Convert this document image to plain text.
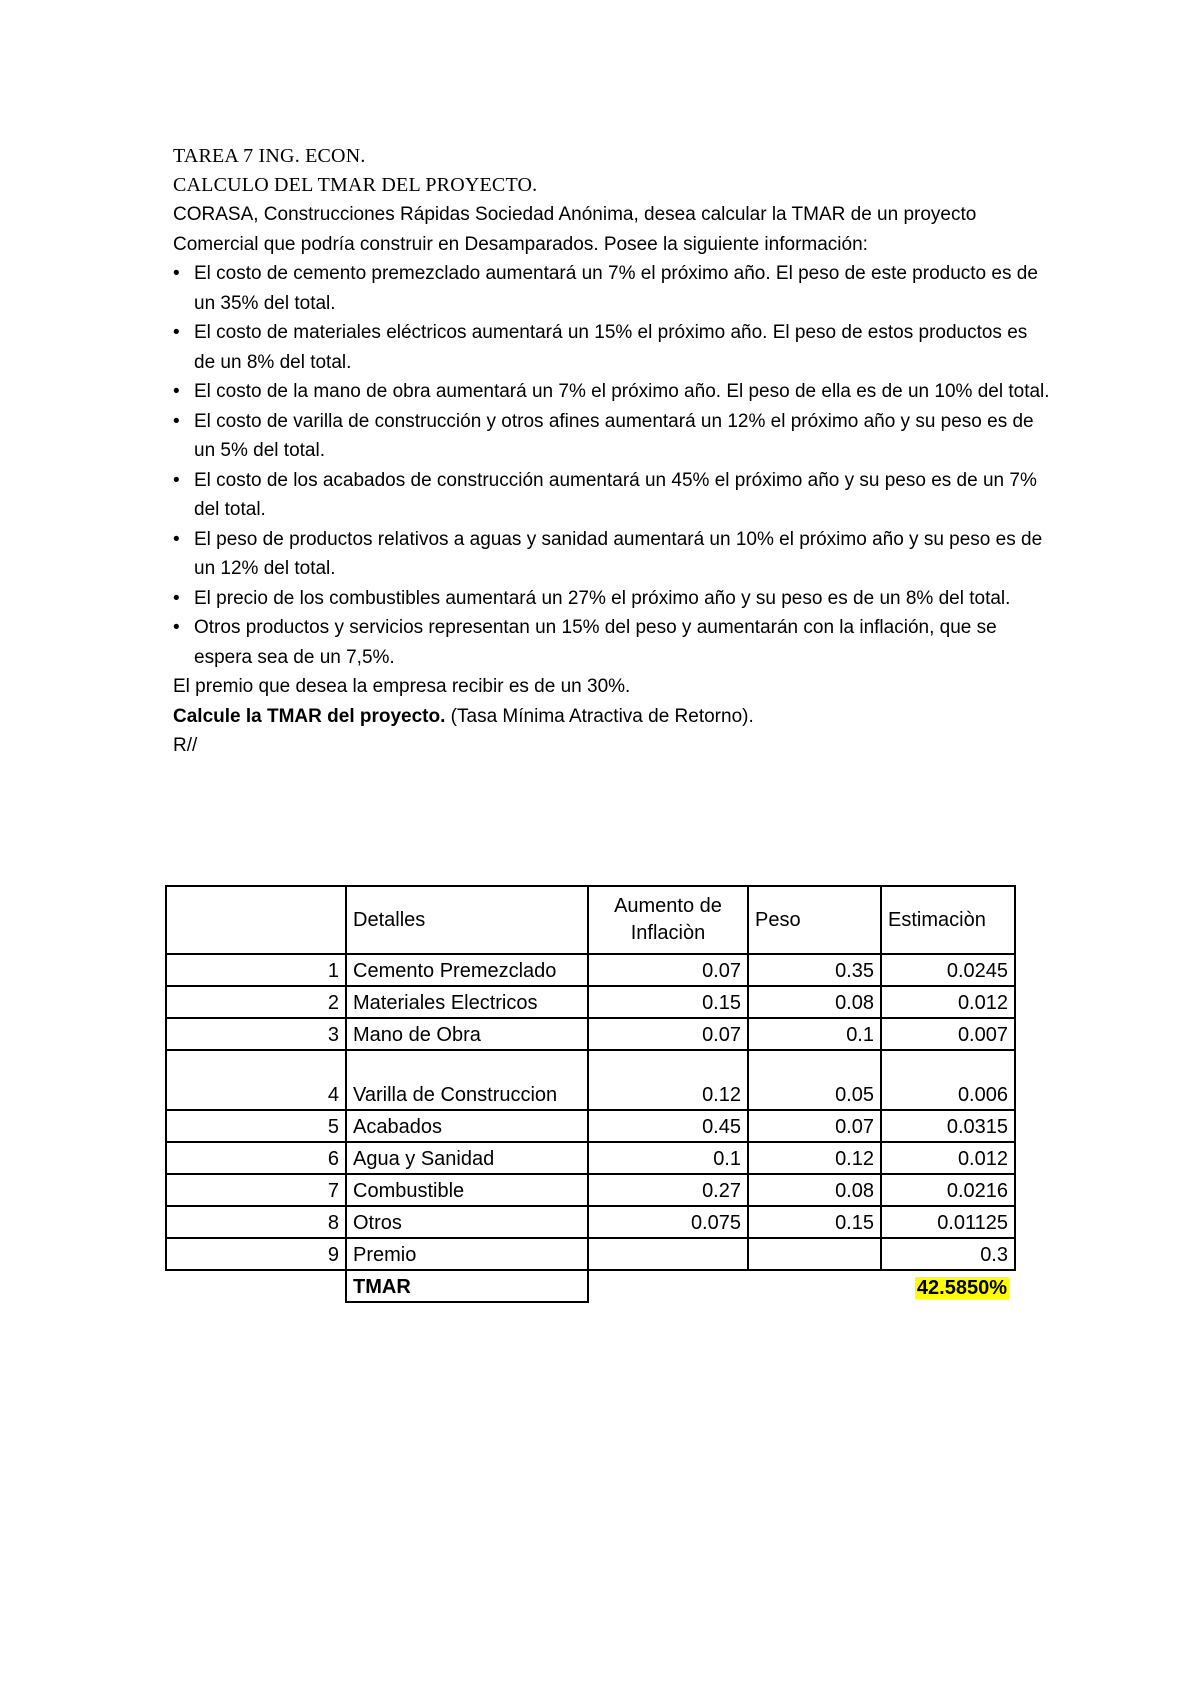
TAREA 7 ING. ECON.
CALCULO DEL TMAR DEL PROYECTO.
CORASA, Construcciones Rápidas Sociedad Anónima, desea calcular la TMAR de un proyecto Comercial que podría construir en Desamparados. Posee la siguiente información:
• El costo de cemento premezclado aumentará un 7% el próximo año. El peso de este producto es de un 35% del total.
• El costo de materiales eléctricos aumentará un 15% el próximo año. El peso de estos productos es de un 8% del total.
• El costo de la mano de obra aumentará un 7% el próximo año. El peso de ella es de un 10% del total.
• El costo de varilla de construcción y otros afines aumentará un 12% el próximo año y su peso es de un 5% del total.
• El costo de los acabados de construcción aumentará un 45% el próximo año y su peso es de un 7% del total.
• El peso de productos relativos a aguas y sanidad aumentará un 10% el próximo año y su peso es de un 12% del total.
• El precio de los combustibles aumentará un 27% el próximo año y su peso es de un 8% del total.
• Otros productos y servicios representan un 15% del peso y aumentarán con la inflación, que se espera sea de un 7,5%.
El premio que desea la empresa recibir es de un 30%.
Calcule la TMAR del proyecto. (Tasa Mínima Atractiva de Retorno).
R//
	Detalles	Aumento de Inflaciòn	Peso	Estimaciòn
1	Cemento Premezclado	0.07	0.35	0.0245
2	Materiales Electricos	0.15	0.08	0.012
3	Mano de Obra	0.07	0.1	0.007
4	Varilla de Construccion	0.12	0.05	0.006
5	Acabados	0.45	0.07	0.0315
6	Agua y Sanidad	0.1	0.12	0.012
7	Combustible	0.27	0.08	0.0216
8	Otros	0.075	0.15	0.01125
9	Premio			0.3
	TMAR			42.5850%
